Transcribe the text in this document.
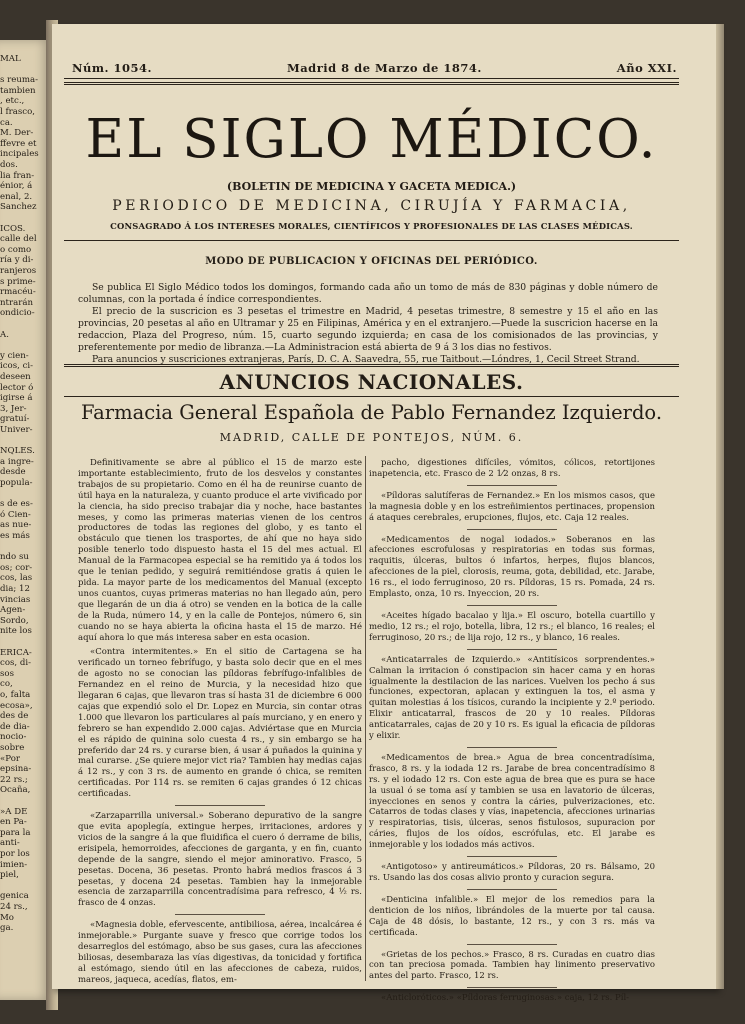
MAL
s reuma-
tambien
, etc.,
l frasco,
ca.
M. Der-
ffevre et
incipales
dos.
lia fran-
énior, á
enal, 2.
Sanchez
ICOS.
calle del
o como
ría y di-
ranjeros
s prime-
rmacéu-
ntrarán
ondicio-
A.
y cien-
icos, ci-
deseen
lector ó
igirse á
3, Jer-
gratuí-
Univer-
ÑQLES.
a ingre-
desde
popula-
s de es-
ó Cien-
as nue-
es más
ndo su
os; cor-
cos, las
dia; 12
vincias
Agen-
Sordo,
nite los
ERICA-
cos, di-
sos
co,
o, falta
ecosa»,
des de
de dia-
nocio-
sobre
«Por
epsina-
22 rs.;
Ocaña,
»A DE
en Pa-
para la
anti-
por los
imien-
piel,
genica
24 rs.,
Mo
ga.
Núm. 1054.	Madrid 8 de Marzo de 1874.	Año XXI.
EL SIGLO MÉDICO.
(BOLETIN DE MEDICINA Y GACETA MEDICA.)
PERIODICO DE MEDICINA, CIRUJÍA Y FARMACIA,
CONSAGRADO Á LOS INTERESES MORALES, CIENTÍFICOS Y PROFESIONALES DE LAS CLASES MÉDICAS.
MODO DE PUBLICACION Y OFICINAS DEL PERIÓDICO.

Se publica El Siglo Médico todos los domingos, formando cada año un tomo de más de 830 páginas y doble número de columnas, con la portada é índice correspondientes.

El precio de la suscricion es 3 pesetas el trimestre en Madrid, 4 pesetas trimestre, 8 semestre y 15 el año en las provincias, 20 pesetas al año en Ultramar y 25 en Filipinas, América y en el extranjero.—Puede la suscricion hacerse en la redaccion, Plaza del Progreso, núm. 15, cuarto segundo izquierda; en casa de los comisionados de las provincias, y preferentemente por medio de libranza.—La Administracion está abierta de 9 á 3 los dias no festivos.

Para anuncios y suscriciones extranjeras, París, D. C. A. Saavedra, 55, rue Taitbout.—Lóndres, 1, Cecil Street Strand.

ANUNCIOS NACIONALES.
Farmacia General Española de Pablo Fernandez Izquierdo.
MADRID, CALLE DE PONTEJOS, NÚM. 6.

Definitivamente se abre al público el 15 de marzo este importante establecimiento, fruto de los desvelos y constantes trabajos de su propietario. Como en él ha de reunirse cuanto de útil haya en la naturaleza, y cuanto produce el arte vivificado por la ciencia, ha sido preciso trabajar dia y noche, hace bastantes meses, y como las primeras materias vienen de los centros productores de todas las regiones del globo, y es tanto el obstáculo que tienen los trasportes, de ahí que no haya sido posible tenerlo todo dispuesto hasta el 15 del mes actual. El Manual de la Farmacopea especial se ha remitido ya á todos los que le tenian pedido, y seguirá remitiéndose gratis á quien le pida. La mayor parte de los medicamentos del Manual (excepto unos cuantos, cuyas primeras materias no han llegado aún, pero que llegarán de un dia á otro) se venden en la botica de la calle de la Ruda, número 14, y en la calle de Pontejos, número 6, sin cuando no se haya abierta la oficina hasta el 15 de marzo. Hé aquí ahora lo que más interesa saber en esta ocasion.

«Contra intermitentes.» En el sitio de Cartagena se ha verificado un torneo febrífugo, y basta solo decir que en el mes de agosto no se conocian las píldoras febrífugo-infalibles de Fernandez en el reino de Murcia, y la necesidad hizo que llegaran 6 cajas, que llevaron tras sí hasta 31 de diciembre 6 000 cajas que expendió solo el Dr. Lopez en Murcia, sin contar otras 1.000 que llevaron los particulares al país murciano, y en enero y febrero se han expendido 2.000 cajas. Adviértase que en Murcia el es rápido de quinina solo cuesta 4 rs., y sin embargo se ha preferido dar 24 rs. y curarse bien, á usar á puñados la quinina y mal curarse. ¿Se quiere mejor vict ria? Tambien hay medias cajas á 12 rs., y con 3 rs. de aumento en grande ó chica, se remiten certificadas. Por 114 rs. se remiten 6 cajas grandes ó 12 chicas certificadas.

«Zarzaparrilla universal.» Soberano depurativo de la sangre que evita apoplegía, extingue herpes, irritaciones, ardores y vicios de la sangre á la que fluidifica el cuero ó derrame de bilis, erisipela, hemorroides, afecciones de garganta, y en fin, cuanto depende de la sangre, siendo el mejor aminorativo. Frasco, 5 pesetas. Docena, 36 pesetas. Pronto habrá medios frascos á 3 pesetas, y docena 24 pesetas. Tambien hay la inmejorable esencia de zarzaparrilla concentradísima para refresco, 4 ½ rs. frasco de 4 onzas.

«Magnesia doble, efervescente, antibiliosa, aérea, incalcárea é inmejorable.» Purgante suave y fresco que corrige todos los desarreglos del estómago, abso be sus gases, cura las afecciones biliosas, desembaraza las vías digestivas, da tonicidad y fortifica al estómago, siendo útil en las afecciones de cabeza, ruidos, mareos, jaqueca, acedías, flatos, em-

pacho, digestiones difíciles, vómitos, cólicos, retortijones inapetencia, etc. Frasco de 2 1⁄2 onzas, 8 rs.

«Píldoras salutíferas de Fernandez.» En los mismos casos, que la magnesia doble y en los estreñimientos pertinaces, propension á ataques cerebrales, erupciones, flujos, etc. Caja 12 reales.

«Medicamentos de nogal iodados.» Soberanos en las afecciones escrofulosas y respiratorias en todas sus formas, raquitis, úlceras, bultos ó infartos, herpes, flujos blancos, afecciones de la piel, clorosis, reuma, gota, debilidad, etc. Jarabe, 16 rs., el iodo ferruginoso, 20 rs. Píldoras, 15 rs. Pomada, 24 rs. Emplasto, onza, 10 rs. Inyeccion, 20 rs.

«Aceites hígado bacalao y lija.» El oscuro, botella cuartillo y medio, 12 rs.; el rojo, botella, libra, 12 rs.; el blanco, 16 reales; el ferruginoso, 20 rs.; de lija rojo, 12 rs., y blanco, 16 reales.

«Anticatarrales de Izquierdo.» «Antitísicos sorprendentes.» Calman la irritacion ó constipacion sin hacer cama y en horas igualmente la destilacion de las narices. Vuelven los pecho á sus funciones, expectoran, aplacan y extinguen la tos, el asma y quitan molestias á los tísicos, curando la incipiente y 2.º periodo. Elixir anticatarral, frascos de 20 y 10 reales. Píldoras anticatarrales, cajas de 20 y 10 rs. Es igual la eficacia de píldoras y elixir.

«Medicamentos de brea.» Agua de brea concentradísima, frasco, 8 rs. y la iodada 12 rs. Jarabe de brea concentradísimo 8 rs. y el iodado 12 rs. Con este agua de brea que es pura se hace la usual ó se toma así y tambien se usa en lavatorio de úlceras, inyecciones en senos y contra la cáries, pulverizaciones, etc. Catarros de todas clases y vías, inapetencia, afecciones urinarias y respiratorias, tisis, úlceras, senos fistulosos, supuracion por cáries, flujos de los oídos, escrófulas, etc. El jarabe es inmejorable y los iodados más activos.

«Antigotoso» y antireumáticos.» Píldoras, 20 rs. Bálsamo, 20 rs. Usando las dos cosas alivio pronto y curacion segura.

«Denticina infalible.» El mejor de los remedios para la denticion de los niños, librándoles de la muerte por tal causa. Caja de 48 dósis, lo bastante, 12 rs., y con 3 rs. más va certificada.

«Grietas de los pechos.» Frasco, 8 rs. Curadas en cuatro dias con tan preciosa pomada. Tambien hay linimento preservativo antes del parto. Frasco, 12 rs.

«Anticloróticos.» «Píldoras ferruginosas.» caja, 12 rs. Píl-
